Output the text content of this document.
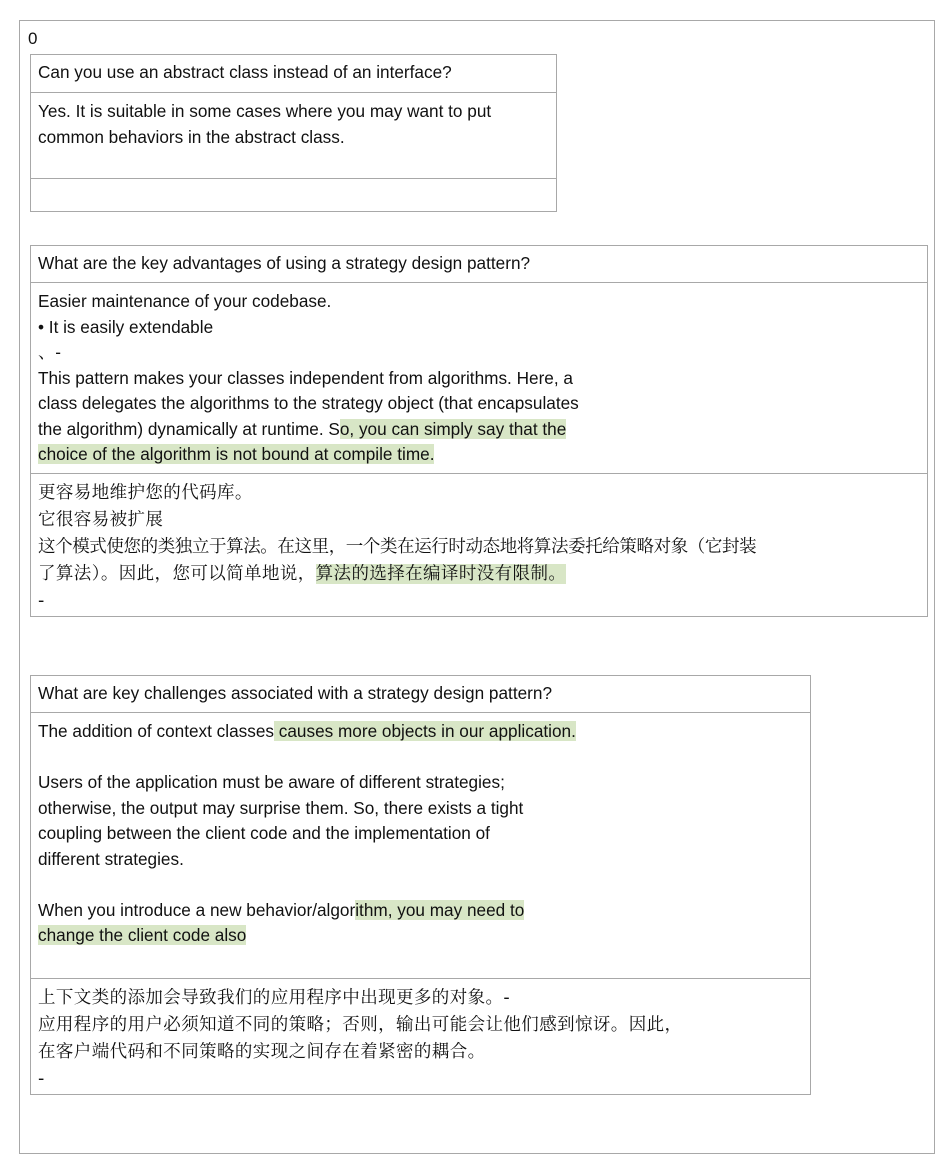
0
Can you use an abstract class instead of an interface?
Yes. It is suitable in some cases where you may want to put
common behaviors in the abstract class.
What are the key advantages of using a strategy design pattern?
Easier maintenance of your codebase.
• It is easily extendable
、-
This pattern makes your classes independent from algorithms. Here, a
class delegates the algorithms to the strategy object (that encapsulates
the algorithm) dynamically at runtime. So, you can simply say that the
choice of the algorithm is not bound at compile time.
更容易地维护您的代码库。
它很容易被扩展
这个模式使您的类独立于算法。在这里，一个类在运行时动态地将算法委托给策略对象（它封装
了算法）。因此，您可以简单地说，算法的选择在编译时没有限制。
-
What are key challenges associated with a strategy design pattern?
The addition of context classes causes more objects in our application.
Users of the application must be aware of different strategies;
otherwise, the output may surprise them. So, there exists a tight
coupling between the client code and the implementation of
different strategies.
When you introduce a new behavior/algorithm, you may need to
change the client code also
上下文类的添加会导致我们的应用程序中出现更多的对象。-
应用程序的用户必须知道不同的策略；否则，输出可能会让他们感到惊讶。因此，
在客户端代码和不同策略的实现之间存在着紧密的耦合。
-
